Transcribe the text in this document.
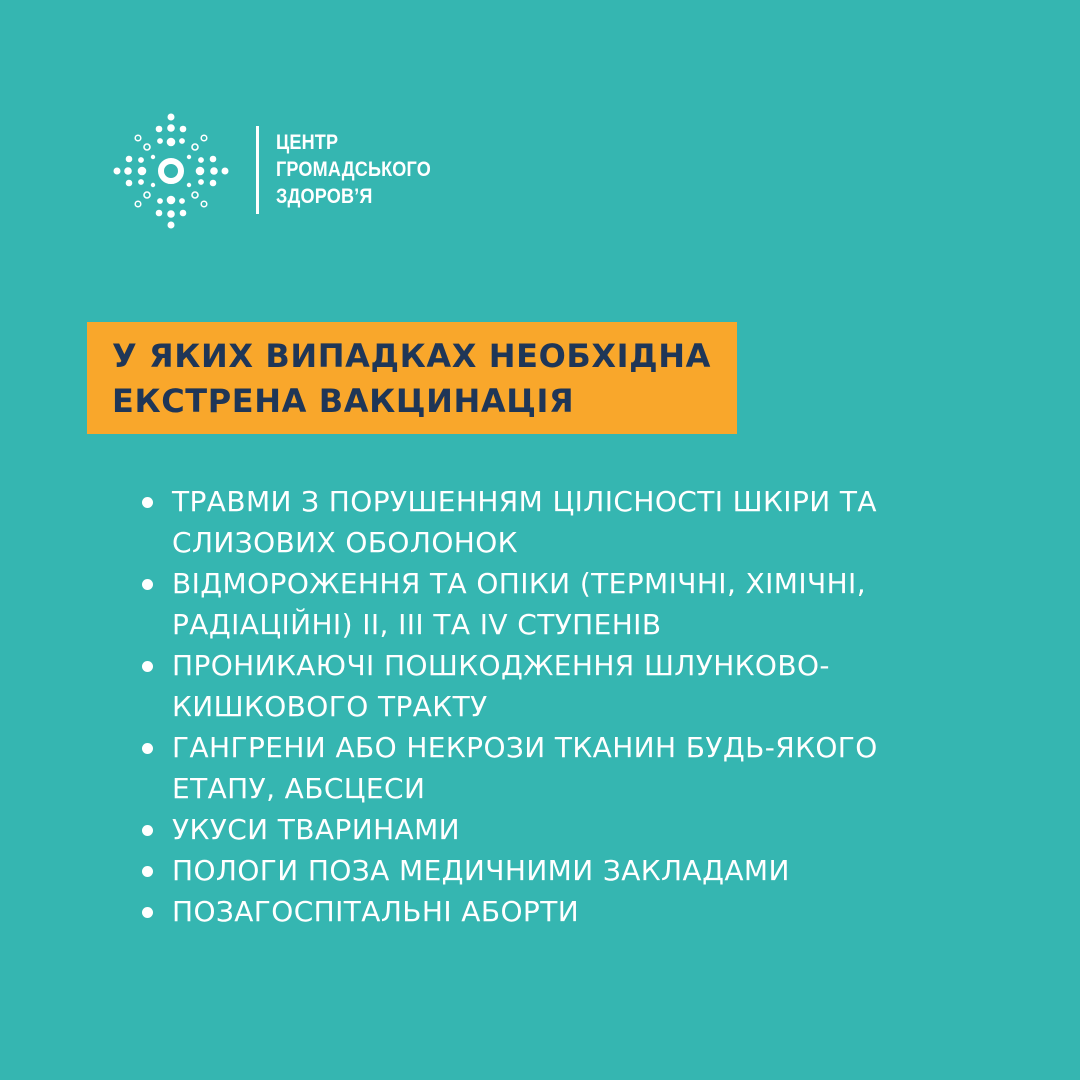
ЦЕНТР
ГРОМАДСЬКОГО
ЗДОРОВ’Я
У ЯКИХ ВИПАДКАХ НЕОБХІДНА
ЕКСТРЕНА ВАКЦИНАЦІЯ
ТРАВМИ З ПОРУШЕННЯМ ЦІЛІСНОСТІ ШКІРИ ТА
СЛИЗОВИХ ОБОЛОНОК
ВІДМОРОЖЕННЯ ТА ОПІКИ (ТЕРМІЧНІ, ХІМІЧНІ,
РАДІАЦІЙНІ) ІІ, ІІІ ТА IV СТУПЕНІВ
ПРОНИКАЮЧІ ПОШКОДЖЕННЯ ШЛУНКОВО-
КИШКОВОГО ТРАКТУ
ГАНГРЕНИ АБО НЕКРОЗИ ТКАНИН БУДЬ-ЯКОГО
ЕТАПУ, АБСЦЕСИ
УКУСИ ТВАРИНАМИ
ПОЛОГИ ПОЗА МЕДИЧНИМИ ЗАКЛАДАМИ
ПОЗАГОСПІТАЛЬНІ АБОРТИ
